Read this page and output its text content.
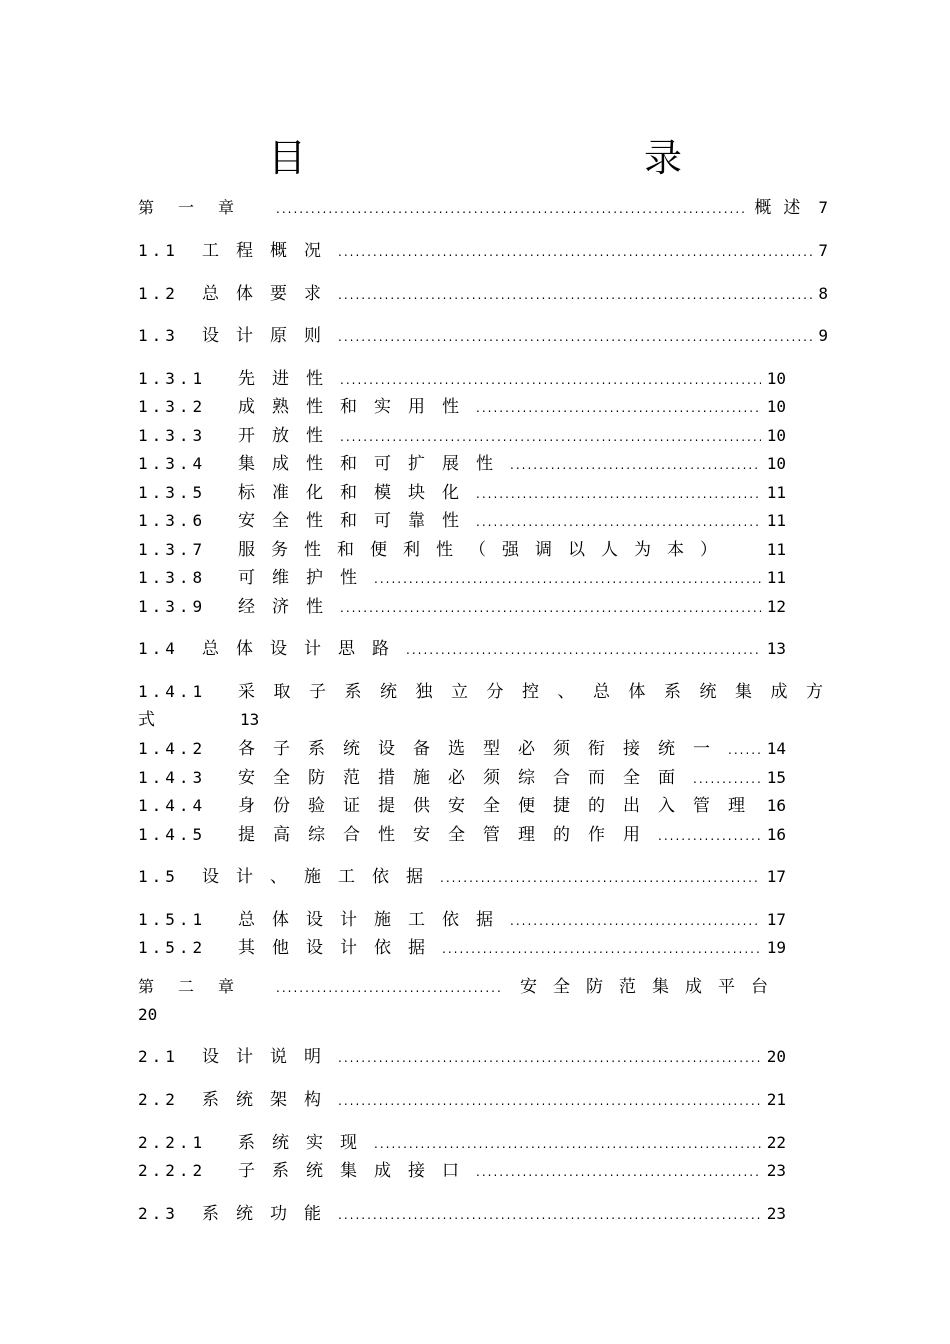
目　录
第　一　章 .....	概述 7
1.1	工程概况 .....	7
1.2	总体要求 .....	8
1.3	设计原则 .....	9
1.3.1	先进性 .....	10
1.3.2	成熟性和实用性 .....	10
1.3.3	开放性 .....	10
1.3.4	集成性和可扩展性 .....	10
1.3.5	标准化和模块化 .....	11
1.3.6	安全性和可靠性 .....	11
1.3.7	服务性和便利性（强调以人为本） 11
1.3.8	可维护性 .....	11
1.3.9	经济性 .....	12
1.4	总体设计思路 .....	13
1.4.1	采取子系统独立分控、总体系统集成方
式	13
1.4.2	各子系统设备选型必须衔接统一 ..... 14
1.4.3	安全防范措施必须综合而全面 .....	15
1.4.4	身份验证提供安全便捷的出入管理 16
1.4.5	提高综合性安全管理的作用 .....	16
1.5	设计、施工依据 .....	17
1.5.1	总体设计施工依据 .....	17
1.5.2	其他设计依据 .....	19
第　二　章 .....	安全防范集成平台
20
2.1	设计说明 .....	20
2.2	系统架构 .....	21
2.2.1	系统实现 .....	22
2.2.2	子系统集成接口 .....	23
2.3	系统功能 .....	23
